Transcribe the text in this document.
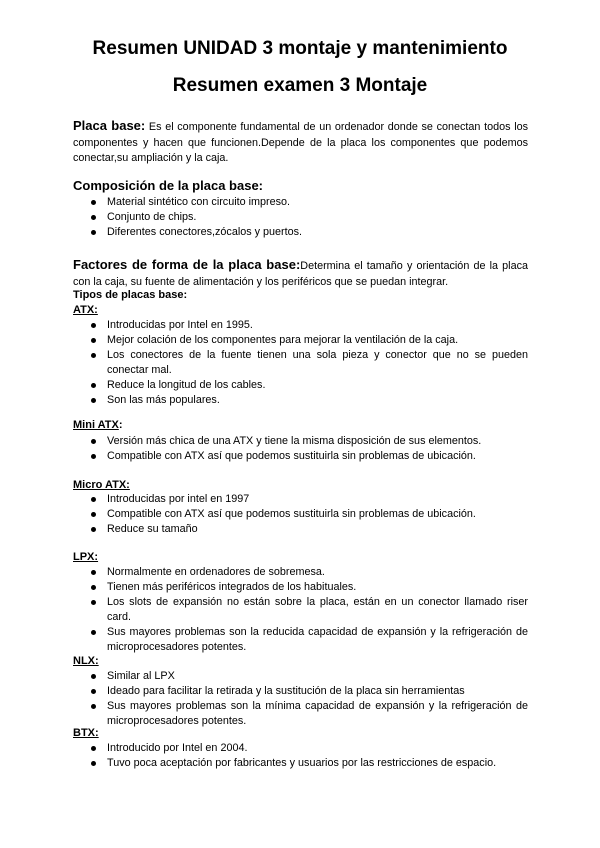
Resumen UNIDAD 3 montaje y mantenimiento
Resumen examen 3 Montaje
Placa base: Es el componente fundamental de un ordenador donde se conectan todos los componentes y hacen que funcionen.Depende de la placa los componentes que podemos conectar,su ampliación y la caja.
Composición de la placa base:
Material sintético con circuito impreso.
Conjunto de chips.
Diferentes conectores,zócalos y puertos.
Factores de forma de la placa base:Determina el tamaño y orientación de la placa con la caja, su fuente de alimentación y los periféricos que se puedan integrar.
Tipos de placas base:
ATX:
Introducidas por Intel en 1995.
Mejor colación de los componentes para mejorar la ventilación de la caja.
Los conectores de la fuente tienen una sola pieza y conector que no se pueden conectar mal.
Reduce la longitud de los cables.
Son las más populares.
Mini ATX:
Versión más chica de una ATX y tiene la misma disposición de sus elementos.
Compatible con ATX así que podemos sustituirla sin problemas de ubicación.
Micro ATX:
Introducidas por intel en 1997
Compatible con ATX así que podemos sustituirla sin problemas de ubicación.
Reduce su tamaño
LPX:
Normalmente en ordenadores de sobremesa.
Tienen más periféricos integrados de los habituales.
Los slots de expansión no están sobre la placa, están en un conector llamado riser card.
Sus mayores problemas son la reducida capacidad de expansión y la refrigeración de microprocesadores potentes.
NLX:
Similar al LPX
Ideado para facilitar la retirada y la sustitución de la placa sin herramientas
Sus mayores problemas son la mínima capacidad de expansión y la refrigeración de microprocesadores potentes.
BTX:
Introducido por Intel en 2004.
Tuvo poca aceptación por fabricantes y usuarios por las restricciones de espacio.
